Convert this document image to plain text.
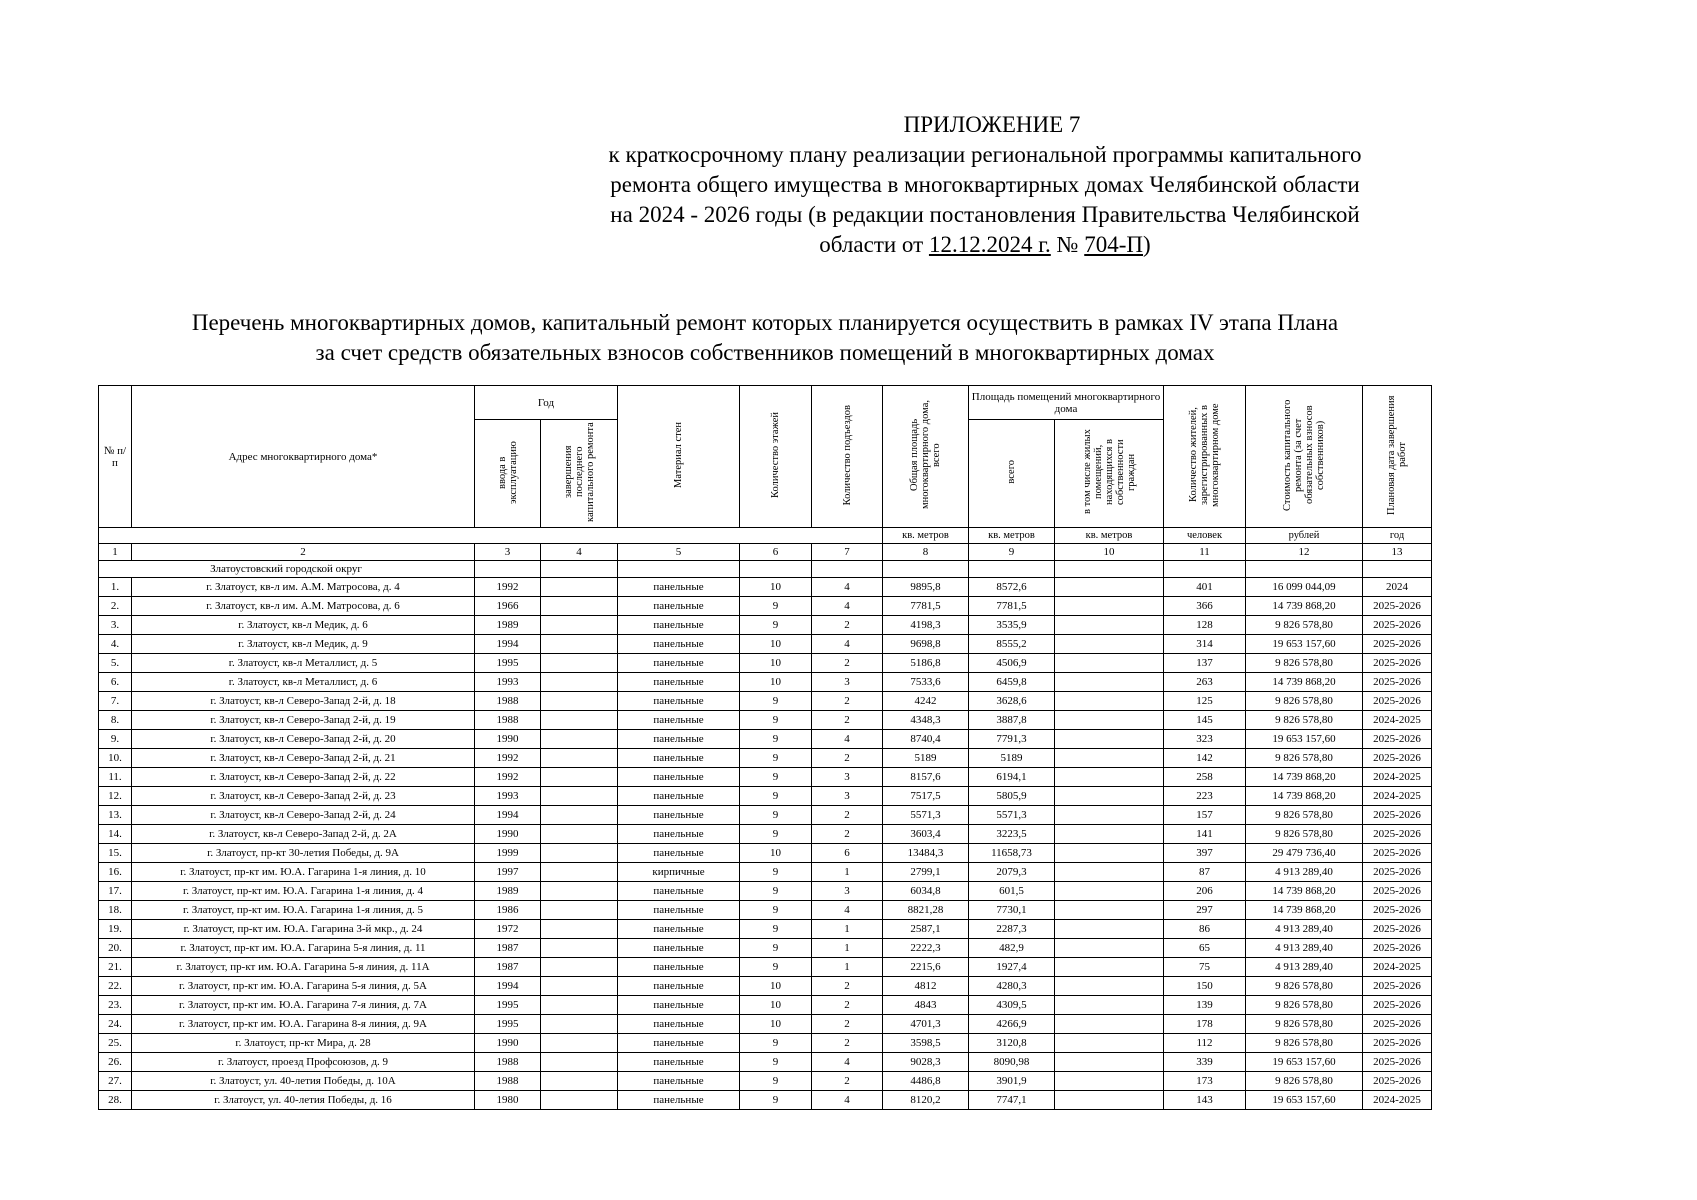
ПРИЛОЖЕНИЕ 7
к краткосрочному плану реализации региональной программы капитального
ремонта общего имущества в многоквартирных домах Челябинской области
на 2024 - 2026 годы (в редакции постановления Правительства Челябинской
области от 12.12.2024 г. № 704-П)
Перечень многоквартирных домов, капитальный ремонт которых планируется осуществить в рамках IV этапа Плана
за счет средств обязательных взносов собственников помещений в многоквартирных домах
№ п/п	Адрес многоквартирного дома*	Год		Материал стен	Количество этажей	Количество подъездов	Общая площадь многоквартирного дома, всего	Площадь помещений многоквартирного дома		Количество жителей, зарегистрированных в многоквартирном доме	Стоимость капитального ремонта (за счет обязательных взносов собственников)	Плановая дата завершения работ
		ввода в эксплуатацию	завершения последнего капитального ремонта					всего	в том числе жилых помещений, находящихся в собственности граждан			
							кв. метров	кв. метров	кв. метров	человек	рублей	год
1	2	3	4	5	6	7	8	9	10	11	12	13
Златоустовский городской округ												
1.	г. Златоуст, кв-л им. А.М. Матросова, д. 4	1992		панельные	10	4	9895,8	8572,6		401	16 099 044,09	2024
2.	г. Златоуст, кв-л им. А.М. Матросова, д. 6	1966		панельные	9	4	7781,5	7781,5		366	14 739 868,20	2025-2026
3.	г. Златоуст, кв-л Медик, д. 6	1989		панельные	9	2	4198,3	3535,9		128	9 826 578,80	2025-2026
4.	г. Златоуст, кв-л Медик, д. 9	1994		панельные	10	4	9698,8	8555,2		314	19 653 157,60	2025-2026
5.	г. Златоуст, кв-л Металлист, д. 5	1995		панельные	10	2	5186,8	4506,9		137	9 826 578,80	2025-2026
6.	г. Златоуст, кв-л Металлист, д. 6	1993		панельные	10	3	7533,6	6459,8		263	14 739 868,20	2025-2026
7.	г. Златоуст, кв-л Северо-Запад 2-й, д. 18	1988		панельные	9	2	4242	3628,6		125	9 826 578,80	2025-2026
8.	г. Златоуст, кв-л Северо-Запад 2-й, д. 19	1988		панельные	9	2	4348,3	3887,8		145	9 826 578,80	2024-2025
9.	г. Златоуст, кв-л Северо-Запад 2-й, д. 20	1990		панельные	9	4	8740,4	7791,3		323	19 653 157,60	2025-2026
10.	г. Златоуст, кв-л Северо-Запад 2-й, д. 21	1992		панельные	9	2	5189	5189		142	9 826 578,80	2025-2026
11.	г. Златоуст, кв-л Северо-Запад 2-й, д. 22	1992		панельные	9	3	8157,6	6194,1		258	14 739 868,20	2024-2025
12.	г. Златоуст, кв-л Северо-Запад 2-й, д. 23	1993		панельные	9	3	7517,5	5805,9		223	14 739 868,20	2024-2025
13.	г. Златоуст, кв-л Северо-Запад 2-й, д. 24	1994		панельные	9	2	5571,3	5571,3		157	9 826 578,80	2025-2026
14.	г. Златоуст, кв-л Северо-Запад 2-й, д. 2А	1990		панельные	9	2	3603,4	3223,5		141	9 826 578,80	2025-2026
15.	г. Златоуст, пр-кт 30-летия Победы, д. 9А	1999		панельные	10	6	13484,3	11658,73		397	29 479 736,40	2025-2026
16.	г. Златоуст, пр-кт им. Ю.А. Гагарина 1-я линия, д. 10	1997		кирпичные	9	1	2799,1	2079,3		87	4 913 289,40	2025-2026
17.	г. Златоуст, пр-кт им. Ю.А. Гагарина 1-я линия, д. 4	1989		панельные	9	3	6034,8	601,5		206	14 739 868,20	2025-2026
18.	г. Златоуст, пр-кт им. Ю.А. Гагарина 1-я линия, д. 5	1986		панельные	9	4	8821,28	7730,1		297	14 739 868,20	2025-2026
19.	г. Златоуст, пр-кт им. Ю.А. Гагарина 3-й мкр., д. 24	1972		панельные	9	1	2587,1	2287,3		86	4 913 289,40	2025-2026
20.	г. Златоуст, пр-кт им. Ю.А. Гагарина 5-я линия, д. 11	1987		панельные	9	1	2222,3	482,9		65	4 913 289,40	2025-2026
21.	г. Златоуст, пр-кт им. Ю.А. Гагарина 5-я линия, д. 11А	1987		панельные	9	1	2215,6	1927,4		75	4 913 289,40	2024-2025
22.	г. Златоуст, пр-кт им. Ю.А. Гагарина 5-я линия, д. 5А	1994		панельные	10	2	4812	4280,3		150	9 826 578,80	2025-2026
23.	г. Златоуст, пр-кт им. Ю.А. Гагарина 7-я линия, д. 7А	1995		панельные	10	2	4843	4309,5		139	9 826 578,80	2025-2026
24.	г. Златоуст, пр-кт им. Ю.А. Гагарина 8-я линия, д. 9А	1995		панельные	10	2	4701,3	4266,9		178	9 826 578,80	2025-2026
25.	г. Златоуст, пр-кт Мира, д. 28	1990		панельные	9	2	3598,5	3120,8		112	9 826 578,80	2025-2026
26.	г. Златоуст, проезд Профсоюзов, д. 9	1988		панельные	9	4	9028,3	8090,98		339	19 653 157,60	2025-2026
27.	г. Златоуст, ул. 40-летия Победы, д. 10А	1988		панельные	9	2	4486,8	3901,9		173	9 826 578,80	2025-2026
28.	г. Златоуст, ул. 40-летия Победы, д. 16	1980		панельные	9	4	8120,2	7747,1		143	19 653 157,60	2024-2025
